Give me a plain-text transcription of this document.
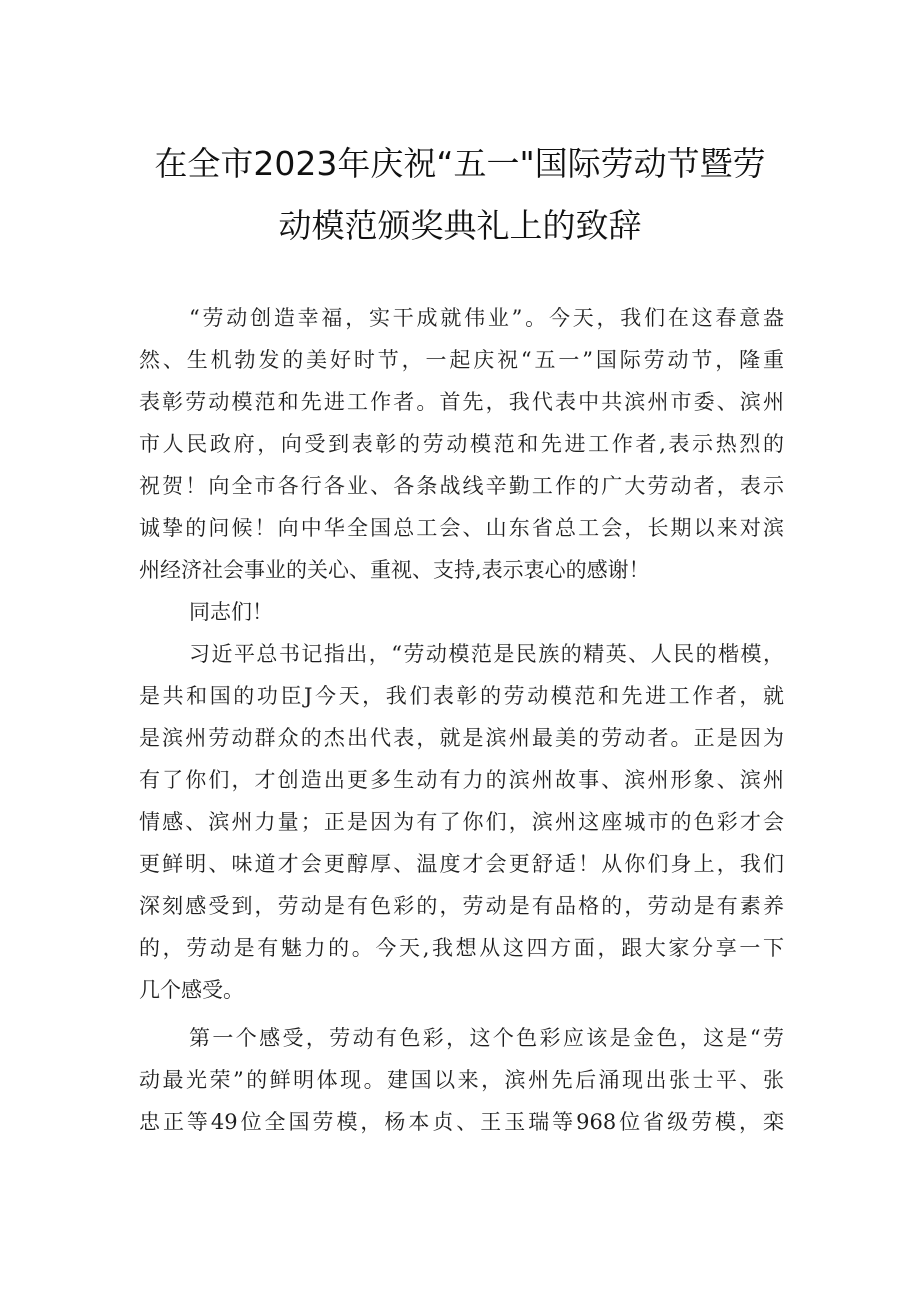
在全市2023年庆祝“五一"国际劳动节暨劳
动模范颁奖典礼上的致辞

“劳动创造幸福，实干成就伟业”。今天，我们在这春意盎

然、生机勃发的美好时节，一起庆祝“五一”国际劳动节，隆重

表彰劳动模范和先进工作者。首先，我代表中共滨州市委、滨州

市人民政府，向受到表彰的劳动模范和先进工作者,表示热烈的

祝贺！向全市各行各业、各条战线辛勤工作的广大劳动者，表示

诚挚的问候！向中华全国总工会、山东省总工会，长期以来对滨

州经济社会事业的关心、重视、支持,表示衷心的感谢！

同志们！

习近平总书记指出，“劳动模范是民族的精英、人民的楷模，

是共和国的功臣J今天，我们表彰的劳动模范和先进工作者，就

是滨州劳动群众的杰出代表，就是滨州最美的劳动者。正是因为

有了你们，才创造出更多生动有力的滨州故事、滨州形象、滨州

情感、滨州力量；正是因为有了你们，滨州这座城市的色彩才会

更鲜明、味道才会更醇厚、温度才会更舒适！从你们身上，我们

深刻感受到，劳动是有色彩的，劳动是有品格的，劳动是有素养

的，劳动是有魅力的。今天,我想从这四方面，跟大家分享一下

几个感受。

第一个感受，劳动有色彩，这个色彩应该是金色，这是“劳

动最光荣”的鲜明体现。建国以来，滨州先后涌现出张士平、张

忠正等49位全国劳模，杨本贞、王玉瑞等968位省级劳模，栾
